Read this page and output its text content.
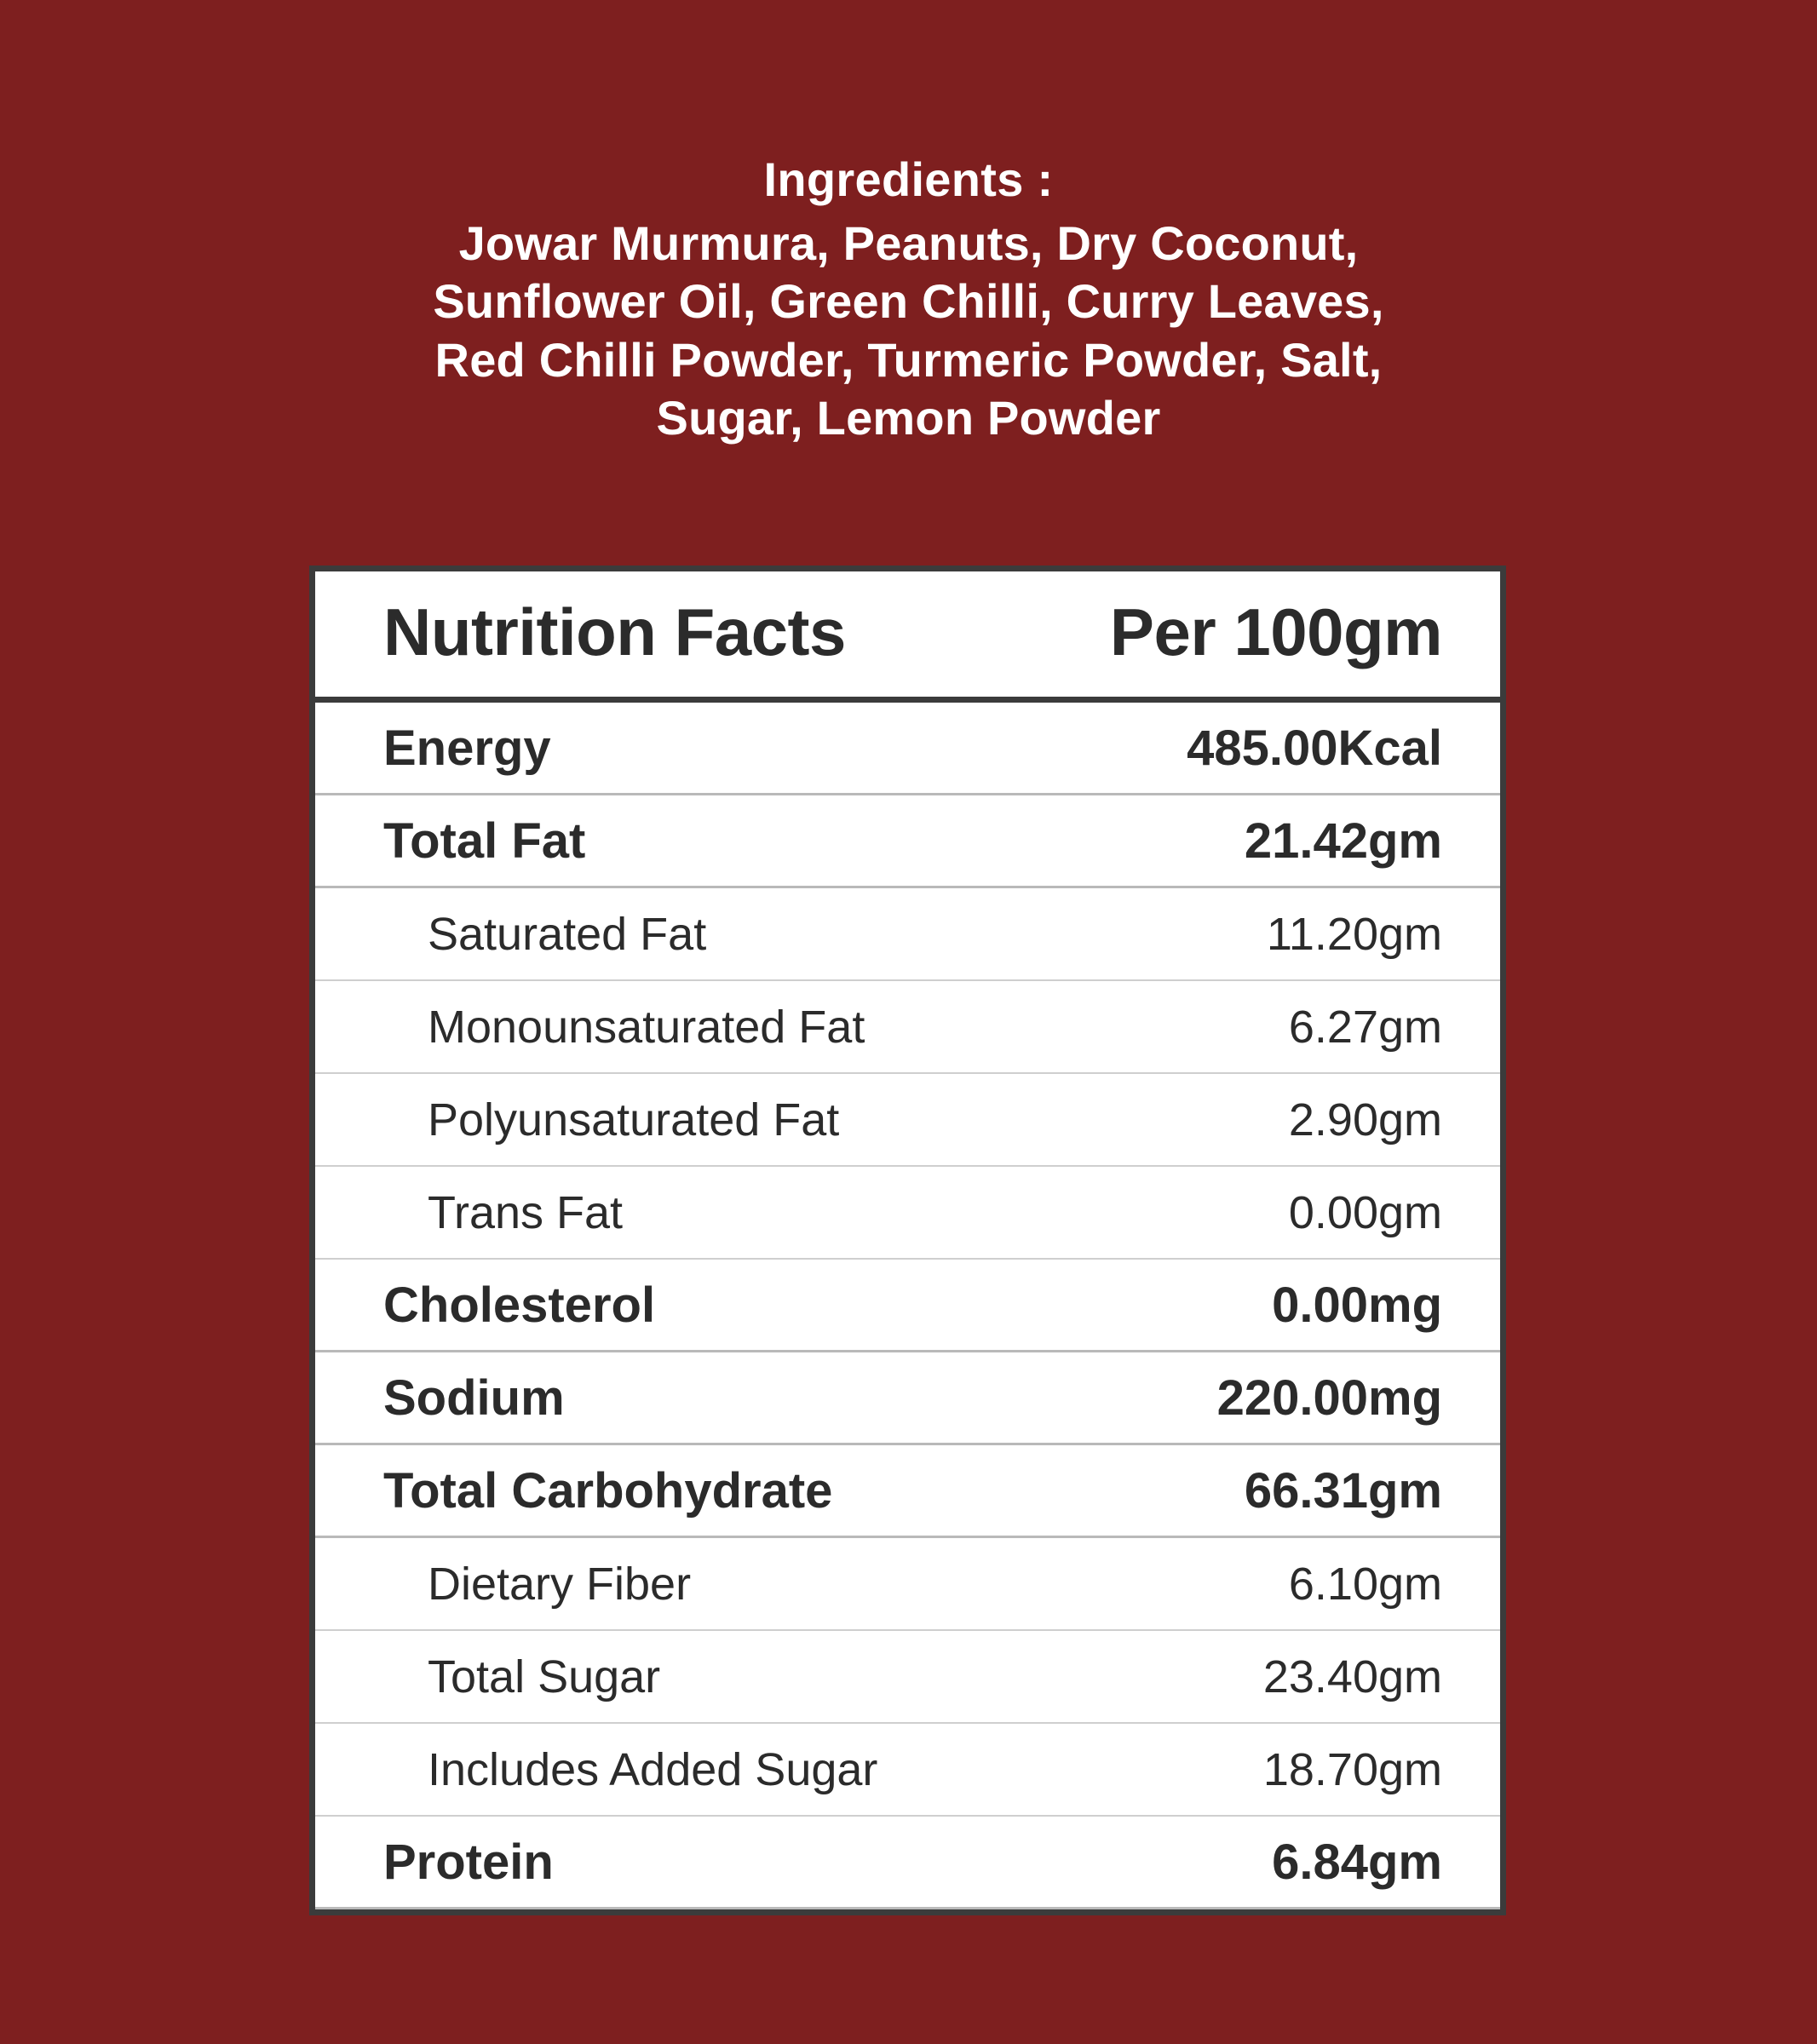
Ingredients :
Jowar Murmura, Peanuts, Dry Coconut,
Sunflower Oil, Green Chilli, Curry Leaves,
Red Chilli Powder, Turmeric Powder, Salt,
Sugar, Lemon Powder
Nutrition Facts	Per 100gm
Energy	485.00Kcal
Total Fat	21.42gm
Saturated Fat	11.20gm
Monounsaturated Fat	6.27gm
Polyunsaturated Fat	2.90gm
Trans Fat	0.00gm
Cholesterol	0.00mg
Sodium	220.00mg
Total Carbohydrate	66.31gm
Dietary Fiber	6.10gm
Total Sugar	23.40gm
Includes Added Sugar	18.70gm
Protein	6.84gm
